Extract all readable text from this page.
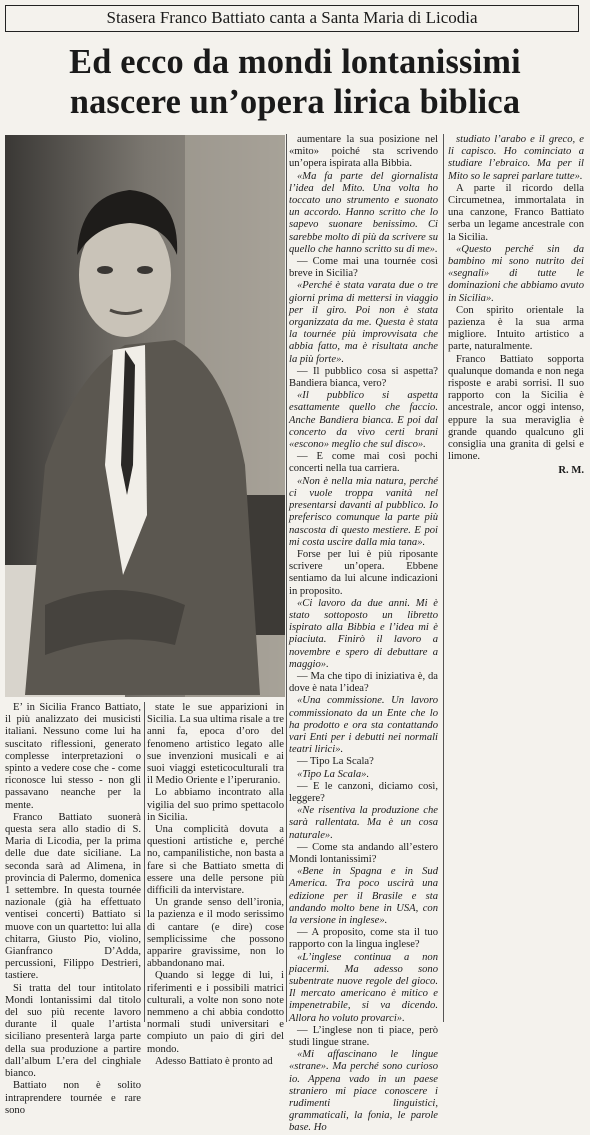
Stasera Franco Battiato canta a Santa Maria di Licodia
Ed ecco da mondi lontanissimi
nascere un’opera lirica biblica

E’ in Sicilia Franco Battiato, il più analizzato dei musicisti italiani. Nessuno come lui ha suscitato riflessioni, generato complesse interpretazioni o spinto a vedere cose che - come riconosce lui stesso - non gli passavano neanche per la mente.

Franco Battiato suonerà questa sera allo stadio di S. Maria di Licodia, per la prima delle due date siciliane. La seconda sarà ad Alimena, in provincia di Palermo, domenica 1 settembre. In questa tournée nazionale (già ha effettuato ventisei concerti) Battiato si muove con un quartetto: lui alla chitarra, Giusto Pio, violino, Gianfranco D’Adda, percussioni, Filippo Destrieri, tastiere.

Si tratta del tour intitolato Mondi lontanissimi dal titolo del suo più recente lavoro durante il quale l’artista siciliano presenterà larga parte della sua produzione a partire dall’album L’era del cinghiale bianco.

Battiato non è solito intraprendere tournée e rare sono

state le sue apparizioni in Sicilia. La sua ultima risale a tre anni fa, epoca d’oro del fenomeno artistico legato alle sue invenzioni musicali e ai suoi viaggi esteticoculturali tra il Medio Oriente e l’iperuranio.

Lo abbiamo incontrato alla vigilia del suo primo spettacolo in Sicilia.

Una complicità dovuta a questioni artistiche e, perché no, campanilistiche, non basta a fare sì che Battiato smetta di essere una delle persone più difficili da intervistare.

Un grande senso dell’ironia, la pazienza e il modo serissimo di cantare (e dire) cose semplicissime che possono apparire gravissime, non lo abbandonano mai.

Quando si legge di lui, i riferimenti e i possibili matrici culturali, a volte non sono note nemmeno a chi abbia condotto normali studi universitari e compiuto un paio di giri del mondo.

Adesso Battiato è pronto ad

aumentare la sua posizione nel «mito» poiché sta scrivendo un’opera ispirata alla Bibbia.

«Ma fa parte del giornalista l’idea del Mito. Una volta ho toccato uno strumento e suonato un accordo. Hanno scritto che lo sapevo suonare benissimo. Ci sarebbe molto di più da scrivere su quello che hanno scritto su di me».

— Come mai una tournée così breve in Sicilia?

«Perché è stata varata due o tre giorni prima di mettersi in viaggio per il giro. Poi non è stata organizzata da me. Questa è stata la tournée più improvvisata che abbia fatto, ma è risultata anche la più forte».

— Il pubblico cosa si aspetta? Bandiera bianca, vero?

«Il pubblico si aspetta esattamente quello che faccio. Anche Bandiera bianca. E poi dal concerto da vivo certi brani «escono» meglio che sul disco».

— E come mai così pochi concerti nella tua carriera.

«Non è nella mia natura, perché ci vuole troppa vanità nel presentarsi davanti al pubblico. Io preferisco comunque la parte più nascosta di questo mestiere. E poi mi costa uscire dalla mia tana».

Forse per lui è più riposante scrivere un’opera. Ebbene sentiamo da lui alcune indicazioni in proposito.

«Ci lavoro da due anni. Mi è stato sottoposto un libretto ispirato alla Bibbia e l’idea mi è piaciuta. Finirò il lavoro a novembre e spero di debuttare a maggio».

— Ma che tipo di iniziativa è, da dove è nata l’idea?

«Una commissione. Un lavoro commissionato da un Ente che lo ha prodotto e ora sta contattando vari Enti per i debutti nei normali teatri lirici».

— Tipo La Scala?

«Tipo La Scala».

— E le canzoni, diciamo così, leggere?

«Ne risentiva la produzione che sarà rallentata. Ma è un cosa naturale».

— Come sta andando all’estero Mondi lontanissimi?

«Bene in Spagna e in Sud America. Tra poco uscirà una edizione per il Brasile e sta andando molto bene in USA, con la versione in inglese».

— A proposito, come sta il tuo rapporto con la lingua inglese?

«L’inglese continua a non piacermi. Ma adesso sono subentrate nuove regole del gioco. Il mercato americano è mitico e impenetrabile, si va dicendo. Allora ho voluto provarci».

— L’inglese non ti piace, però studi lingue strane.

«Mi affascinano le lingue «strane». Ma perché sono curioso io. Appena vado in un paese straniero mi piace conoscere i rudimenti linguistici, grammaticali, la fonia, le parole base. Ho

studiato l’arabo e il greco, e li capisco. Ho cominciato a studiare l’ebraico. Ma per il Mito so le saprei parlare tutte».

A parte il ricordo della Circumetnea, immortalata in una canzone, Franco Battiato serba un legame ancestrale con la Sicilia.

«Questo perché sin da bambino mi sono nutrito dei «segnali» di tutte le dominazioni che abbiamo avuto in Sicilia».

Con spirito orientale la pazienza è la sua arma migliore. Intuito artistico a parte, naturalmente.

Franco Battiato sopporta qualunque domanda e non nega risposte e arabi sorrisi. Il suo rapporto con la Sicilia è ancestrale, ancor oggi intenso, eppure la sua meraviglia è grande quando qualcuno gli consiglia una granita di gelsi e limone.

R. M.
